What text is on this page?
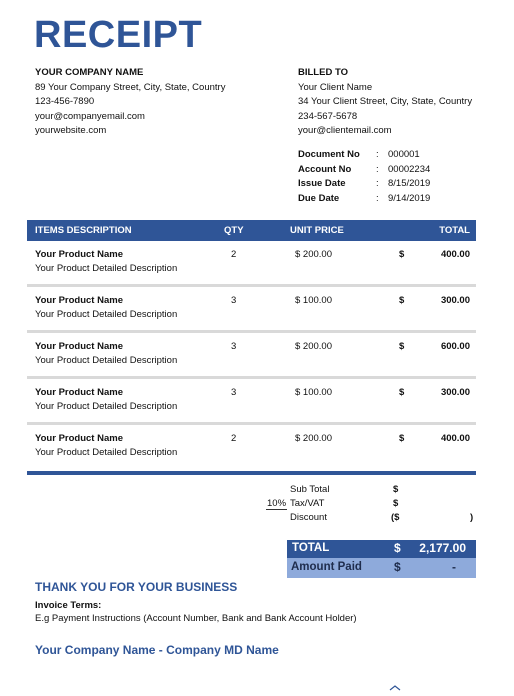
RECEIPT
YOUR COMPANY NAME
89 Your Company Street, City, State, Country
123-456-7890
your@companyemail.com
yourwebsite.com
BILLED TO
Your Client Name
34 Your Client Street, City, State, Country
234-567-5678
your@clientemail.com
Document No	: 000001
Account No	: 00002234
Issue Date	: 8/15/2019
Due Date	: 9/14/2019
ITEMS DESCRIPTION	QTY	UNIT PRICE	TOTAL
Your Product Name
Your Product Detailed Description
2	$ 200.00	$	400.00
Your Product Name
Your Product Detailed Description
3	$ 100.00	$	300.00
Your Product Name
Your Product Detailed Description
3	$ 200.00	$	600.00
Your Product Name
Your Product Detailed Description
3	$ 100.00	$	300.00
Your Product Name
Your Product Detailed Description
2	$ 200.00	$	400.00
Sub Total	$
10% Tax/VAT	$
Discount	($	)
TOTAL	$ 2,177.00
Amount Paid	$	-
THANK YOU FOR YOUR BUSINESS
Invoice Terms:
E.g Payment Instructions (Account Number, Bank and Bank Account Holder)
Your Company Name - Company MD Name
